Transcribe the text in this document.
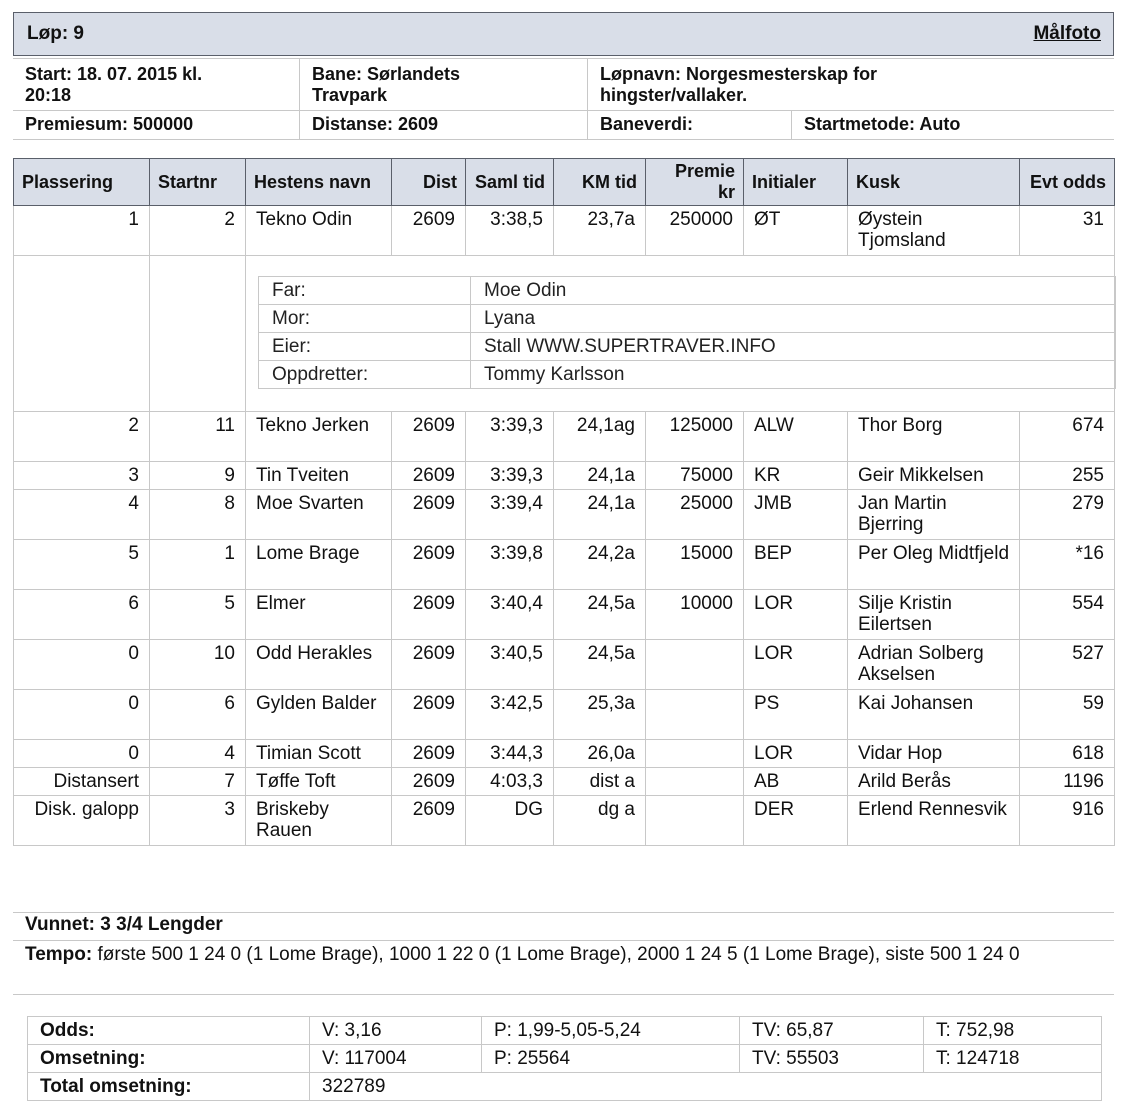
Løp: 9	Målfoto
Start: 18. 07. 2015 kl.
20:18
Bane: Sørlandets
Travpark
Løpnavn: Norgesmesterskap for
hingster/vallaker.
Premiesum: 500000	Distanse: 2609	Baneverdi:	Startmetode: Auto
Plassering	Startnr	Hestens navn	Dist	Saml tid	KM tid	Premie kr	Initialer	Kusk	Evt odds
1	2	Tekno Odin	2609	3:38,5	23,7a	250000	ØT	Øystein Tjomsland	31

Far:	Moe Odin
Mor:	Lyana
Eier:	Stall WWW.SUPERTRAVER.INFO
Oppdretter:	Tommy Karlsson

2	11	Tekno Jerken	2609	3:39,3	24,1ag	125000	ALW	Thor Borg	674
3	9	Tin Tveiten	2609	3:39,3	24,1a	75000	KR	Geir Mikkelsen	255
4	8	Moe Svarten	2609	3:39,4	24,1a	25000	JMB	Jan Martin Bjerring	279
5	1	Lome Brage	2609	3:39,8	24,2a	15000	BEP	Per Oleg Midtfjeld	*16
6	5	Elmer	2609	3:40,4	24,5a	10000	LOR	Silje Kristin Eilertsen	554
0	10	Odd Herakles	2609	3:40,5	24,5a		LOR	Adrian Solberg Akselsen	527
0	6	Gylden Balder	2609	3:42,5	25,3a		PS	Kai Johansen	59
0	4	Timian Scott	2609	3:44,3	26,0a		LOR	Vidar Hop	618
Distansert	7	Tøffe Toft	2609	4:03,3	dist a		AB	Arild Berås	1196
Disk. galopp	3	Briskeby Rauen	2609	DG	dg a		DER	Erlend Rennesvik	916
Vunnet: 3 3/4 Lengder
Tempo: første 500 1 24 0 (1 Lome Brage), 1000 1 22 0 (1 Lome Brage), 2000 1 24 5 (1 Lome Brage), siste 500 1 24 0
Odds:	V: 3,16	P: 1,99-5,05-5,24	TV: 65,87	T: 752,98
Omsetning:	V: 117004	P: 25564	TV: 55503	T: 124718
Total omsetning:	322789			
